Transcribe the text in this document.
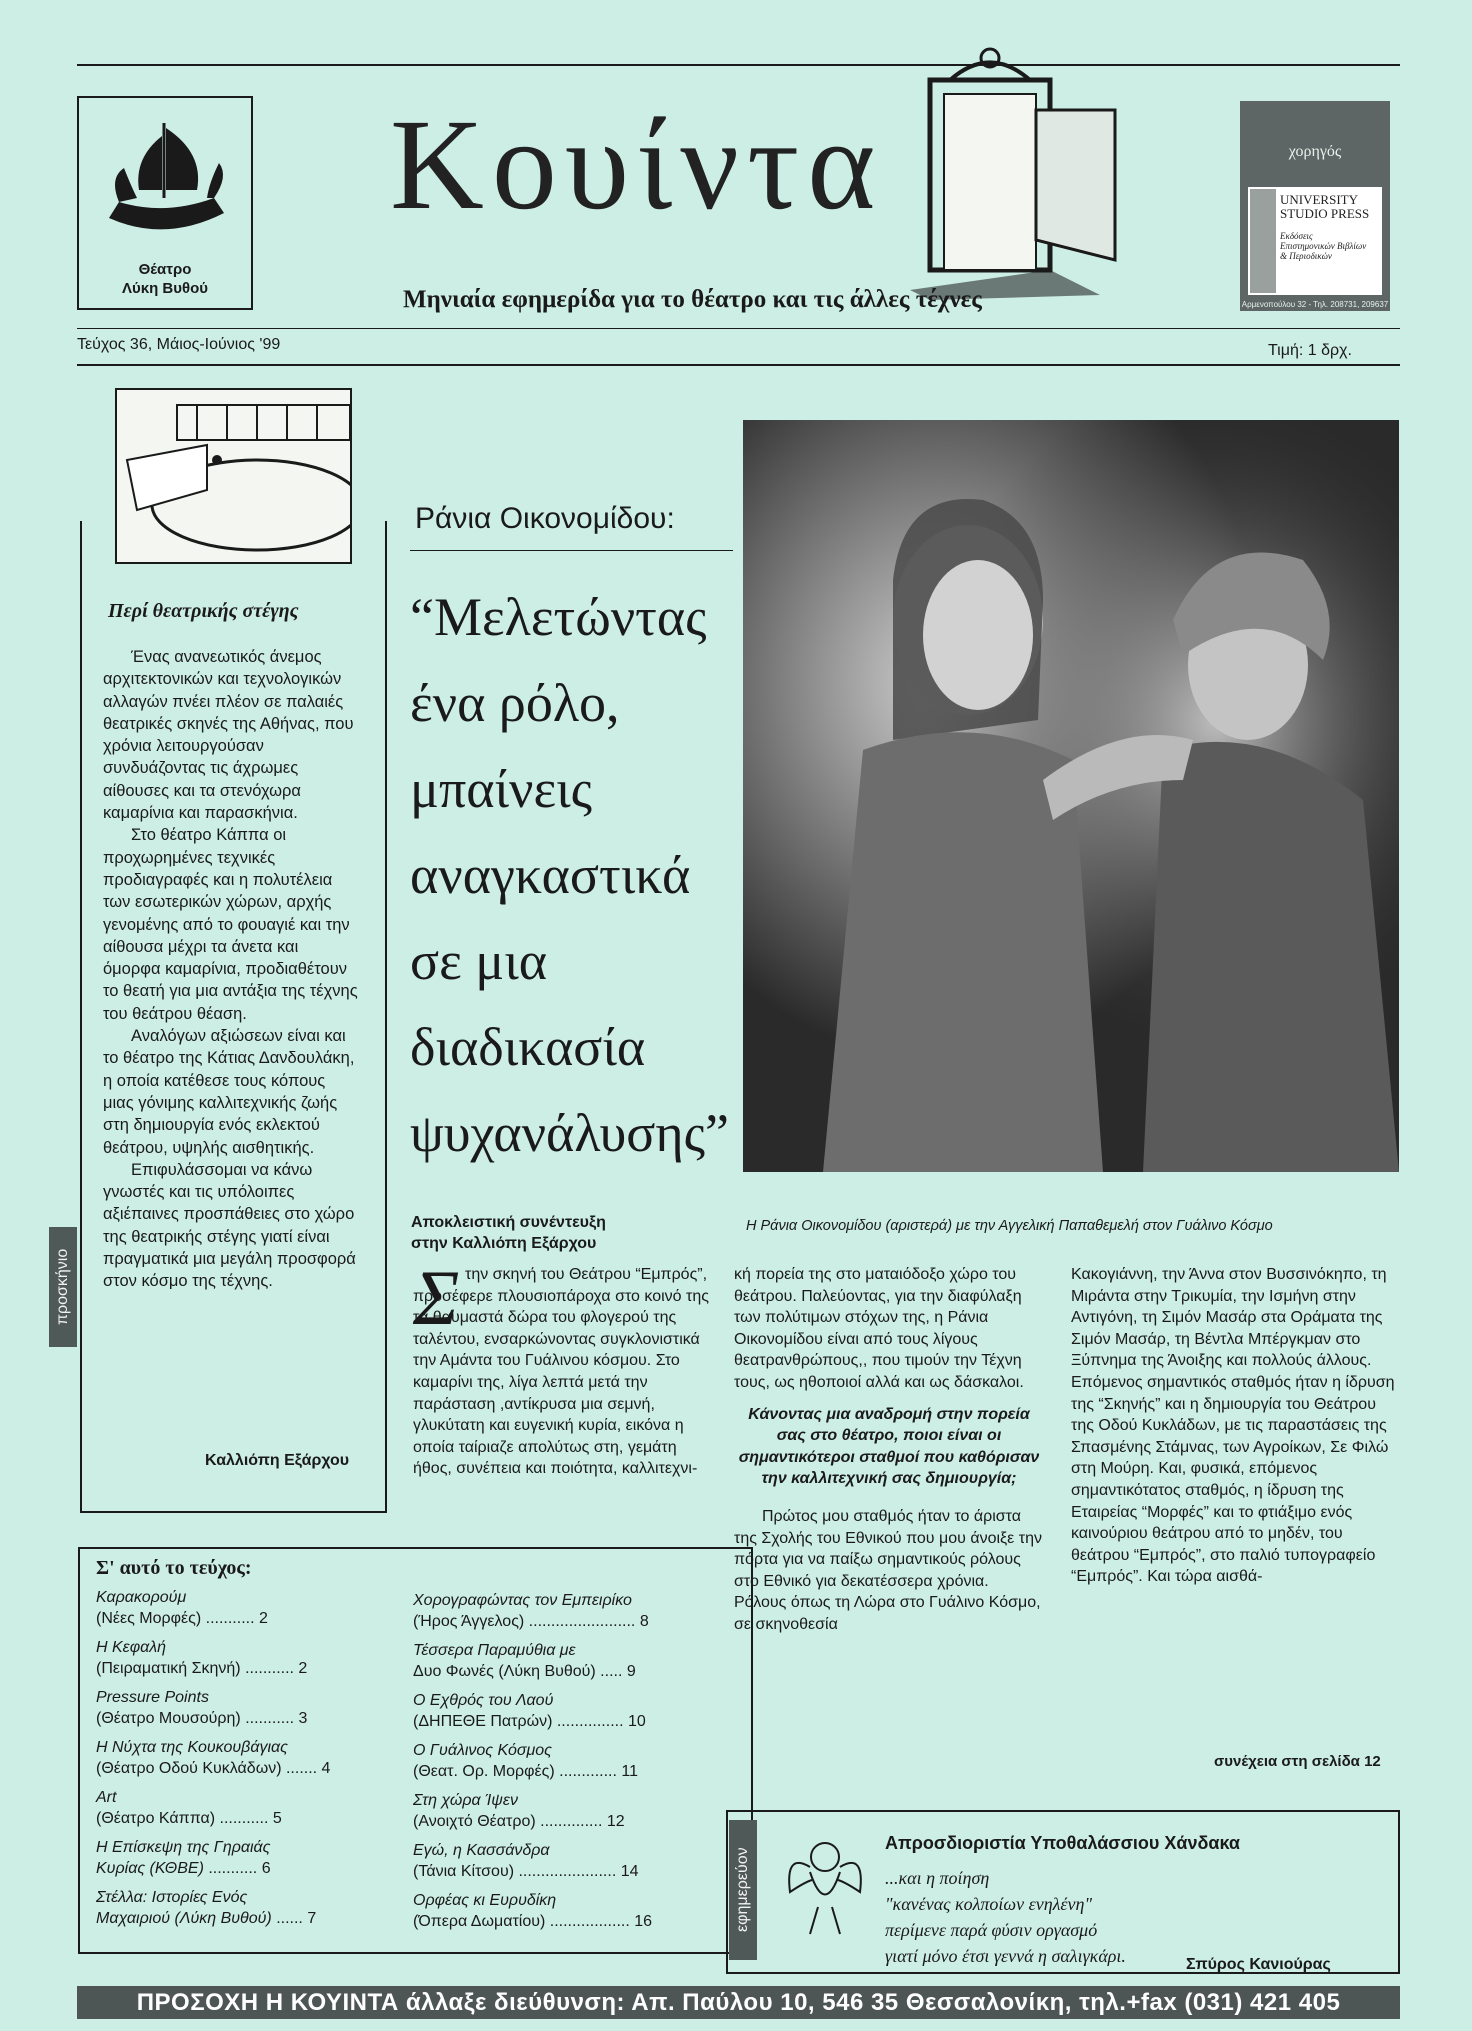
Θέατρο
Λύκη Βυθού
Κουίντα
Μηνιαία εφημερίδα για το θέατρο και τις άλλες τέχνες
χορηγός
UNIVERSITY
STUDIO PRESS
Εκδόσεις
Επιστημονικών Βιβλίων
& Περιοδικών
Αρμενοπούλου 32 - Τηλ. 208731, 209637
Τεύχος 36, Μάιος-Ιούνιος '99	Τιμή: 1 δρχ.
Περί θεατρικής στέγης

Ένας ανανεωτικός άνεμος αρχιτεκτονικών και τεχνολογικών αλλαγών πνέει πλέον σε παλαιές θεατρικές σκηνές της Αθήνας, που χρόνια λειτουργούσαν συνδυάζοντας τις άχρωμες αίθουσες και τα στενόχωρα καμαρίνια και παρασκήνια.

Στο θέατρο Κάππα οι προχωρημένες τεχνικές προδιαγραφές και η πολυτέλεια των εσωτερικών χώρων, αρχής γενομένης από το φουαγιέ και την αίθουσα μέχρι τα άνετα και όμορφα καμαρίνια, προδιαθέτουν το θεατή για μια αντάξια της τέχνης του θεάτρου θέαση.

Αναλόγων αξιώσεων είναι και το θέατρο της Κάτιας Δανδουλάκη, η οποία κατέθεσε τους κόπους μιας γόνιμης καλλιτεχνικής ζωής στη δημιουργία ενός εκλεκτού θεάτρου, υψηλής αισθητικής.

Επιφυλάσσομαι να κάνω γνωστές και τις υπόλοιπες αξιέπαινες προσπάθειες στο χώρο της θεατρικής στέγης γιατί είναι πραγματικά μια μεγάλη προσφορά στον κόσμο της τέχνης.

Καλλιόπη Εξάρχου
προσκήνιο
Ράνια Οικονομίδου:
“Μελετώντας
ένα ρόλο,
μπαίνεις
αναγκαστικά
σε μια
διαδικασία
ψυχανάλυσης”
Η Ράνια Οικονομίδου (αριστερά) με την Αγγελική Παπαθεμελή στον Γυάλινο Κόσμο
Αποκλειστική συνέντευξη
στην Καλλιόπη Εξάρχου
Σ την σκηνή του Θεάτρου “Εμπρός”, προσέφερε πλουσιοπάροχα στο κοινό της τα θαυμαστά δώρα του φλογερού της ταλέντου, ενσαρκώνοντας συγκλονιστικά την Αμάντα του Γυάλινου κόσμου. Στο καμαρίνι της, λίγα λεπτά μετά την παράσταση ,αντίκρυσα μια σεμνή, γλυκύτατη και ευγενική κυρία, εικόνα η οποία ταίριαζε απολύτως στη, γεμάτη ήθος, συνέπεια και ποιότητα, καλλιτεχνι-

κή πορεία της στο ματαιόδοξο χώρο του θεάτρου. Παλεύοντας, για την διαφύλαξη των πολύτιμων στόχων της, η Ράνια Οικονομίδου είναι από τους λίγους θεατρανθρώπους,, που τιμούν την Τέχνη τους, ως ηθοποιοί αλλά και ως δάσκαλοι.

Κάνοντας μια αναδρομή στην πορεία σας στο θέατρο, ποιοι είναι οι σημαντικότεροι σταθμοί που καθόρισαν την καλλιτεχνική σας δημιουργία;

Πρώτος μου σταθμός ήταν το άριστα της Σχολής του Εθνικού που μου άνοιξε την πόρτα για να παίξω σημαντικούς ρόλους στο Εθνικό για δεκατέσσερα χρόνια. Ρόλους όπως τη Λώρα στο Γυάλινο Κόσμο, σε σκηνοθεσία

Κακογιάννη, την Άννα στον Βυσσινόκηπο, τη Μιράντα στην Τρικυμία, την Ισμήνη στην Αντιγόνη, τη Σιμόν Μασάρ στα Οράματα της Σιμόν Μασάρ, τη Βέντλα Μπέργκμαν στο Ξύπνημα της Άνοιξης και πολλούς άλλους. Επόμενος σημαντικός σταθμός ήταν η ίδρυση της “Σκηνής” και η δημιουργία του Θεάτρου της Οδού Κυκλάδων, με τις παραστάσεις της Σπασμένης Στάμνας, των Αγροίκων, Σε Φιλώ στη Μούρη. Και, φυσικά, επόμενος σημαντικότατος σταθμός, η ίδρυση της Εταιρείας “Μορφές” και το φτιάξιμο ενός καινούριου θεάτρου από το μηδέν, του θεάτρου “Εμπρός”, στο παλιό τυπογραφείο “Εμπρός”. Και τώρα αισθά-

συνέχεια στη σελίδα 12
Σ' αυτό το τεύχος:
Καρακορούμ
(Νέες Μορφές) ........... 2
Η Κεφαλή
(Πειραματική Σκηνή) ........... 2
Pressure Points
(Θέατρο Μουσούρη) ........... 3
Η Νύχτα της Κουκουβάγιας
(Θέατρο Οδού Κυκλάδων) ....... 4
Art
(Θέατρο Κάππα) ........... 5
Η Επίσκεψη της Γηραιάς
Κυρίας (ΚΘΒΕ) ........... 6
Στέλλα: Ιστορίες Ενός
Μαχαιριού (Λύκη Βυθού) ...... 7
Χορογραφώντας τον Εμπειρίκο
(Ήρος Άγγελος) ........................ 8
Τέσσερα Παραμύθια με
Δυο Φωνές (Λύκη Βυθού) ..... 9
Ο Εχθρός του Λαού
(ΔΗΠΕΘΕ Πατρών) ............... 10
Ο Γυάλινος Κόσμος
(Θεατ. Ορ. Μορφές) ............. 11
Στη χώρα Ίψεν
(Ανοιχτό Θέατρο) .............. 12
Εγώ, η Κασσάνδρα
(Τάνια Κίτσου) ...................... 14
Ορφέας κι Ευρυδίκη
(Όπερα Δωματίου) .................. 16	εφημερεύον
Απροσδιοριστία Υποθαλάσσιου Χάνδακα
...και η ποίηση
"κανένας κολποίων ενηλένη"
περίμενε παρά φύσιν οργασμό
γιατί μόνο έτσι γεννά η σαλιγκάρι.	Σπύρος Κανιούρας
ΠΡΟΣΟΧΗ Η ΚΟΥΙΝΤΑ άλλαξε διεύθυνση: Απ. Παύλου 10, 546 35 Θεσσαλονίκη, τηλ.+fax (031) 421 405
